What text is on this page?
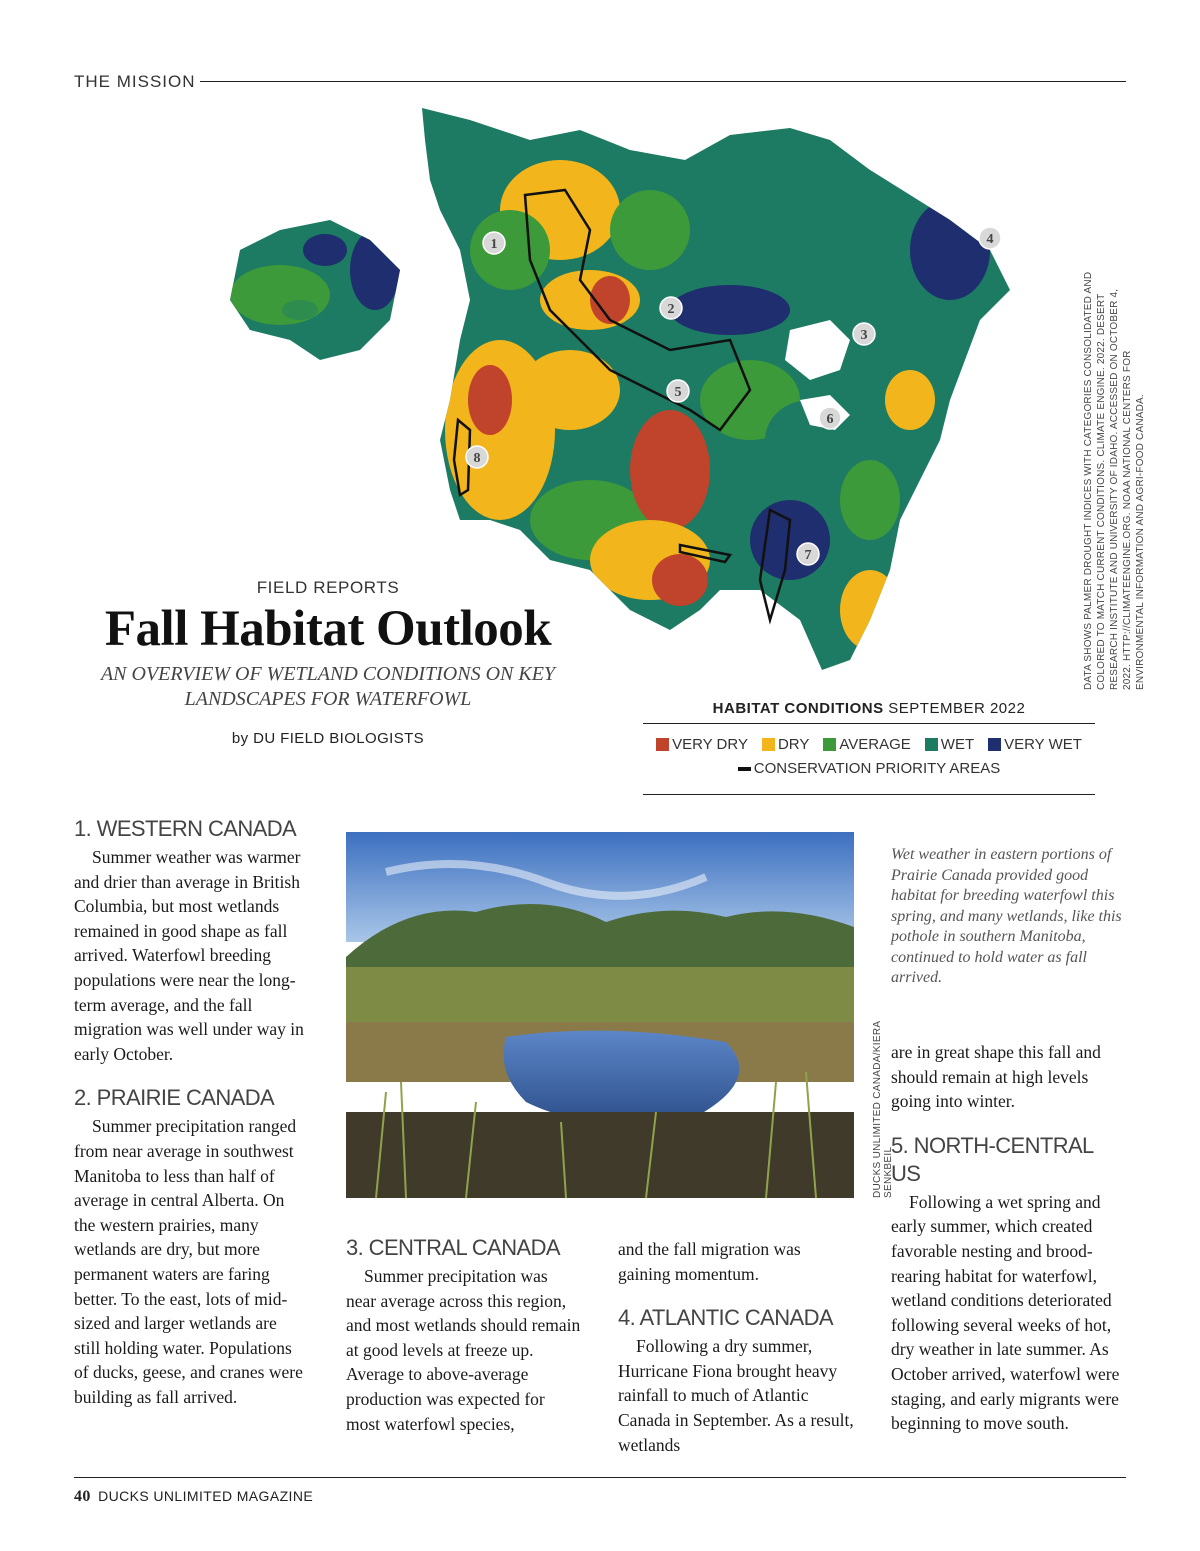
THE MISSION
1
2
3
4
5
6
7
8	DATA SHOWS PALMER DROUGHT INDICES WITH CATEGORIES CONSOLIDATED AND COLORED TO MATCH CURRENT CONDITIONS. CLIMATE ENGINE. 2022. DESERT RESEARCH INSTITUTE AND UNIVERSITY OF IDAHO. ACCESSED ON OCTOBER 4, 2022. HTTP://CLIMATEENGINE.ORG. NOAA NATIONAL CENTERS FOR ENVIRONMENTAL INFORMATION AND AGRI-FOOD CANADA.
FIELD REPORTS
Fall Habitat Outlook
AN OVERVIEW OF WETLAND CONDITIONS ON KEY LANDSCAPES FOR WATERFOWL
by DU FIELD BIOLOGISTS
HABITAT CONDITIONS SEPTEMBER 2022
VERY DRY DRY AVERAGE WET VERY WET
CONSERVATION PRIORITY AREAS
1. WESTERN CANADA

Summer weather was warmer and drier than average in British Columbia, but most wetlands remained in good shape as fall arrived. Waterfowl breeding populations were near the long-term average, and the fall migration was well under way in early October.

2. PRAIRIE CANADA

Summer precipitation ranged from near average in southwest Manitoba to less than half of average in central Alberta. On the western prairies, many wetlands are dry, but more permanent waters are faring better. To the east, lots of mid-sized and larger wetlands are still holding water. Populations of ducks, geese, and cranes were building as fall arrived.

DUCKS UNLIMITED CANADA/KIERA SENKBEIL
Wet weather in eastern portions of Prairie Canada provided good habitat for breeding waterfowl this spring, and many wetlands, like this pothole in southern Manitoba, continued to hold water as fall arrived.
3. CENTRAL CANADA

Summer precipitation was near average across this region, and most wetlands should remain at good levels at freeze up. Average to above-average production was expected for most waterfowl species,

and the fall migration was gaining momentum.

4. ATLANTIC CANADA

Following a dry summer, Hurricane Fiona brought heavy rainfall to much of Atlantic Canada in September. As a result, wetlands

are in great shape this fall and should remain at high levels going into winter.

5. NORTH-CENTRAL US

Following a wet spring and early summer, which created favorable nesting and brood-rearing habitat for waterfowl, wetland conditions deteriorated following several weeks of hot, dry weather in late summer. As October arrived, waterfowl were staging, and early migrants were beginning to move south.

40 DUCKS UNLIMITED MAGAZINE
